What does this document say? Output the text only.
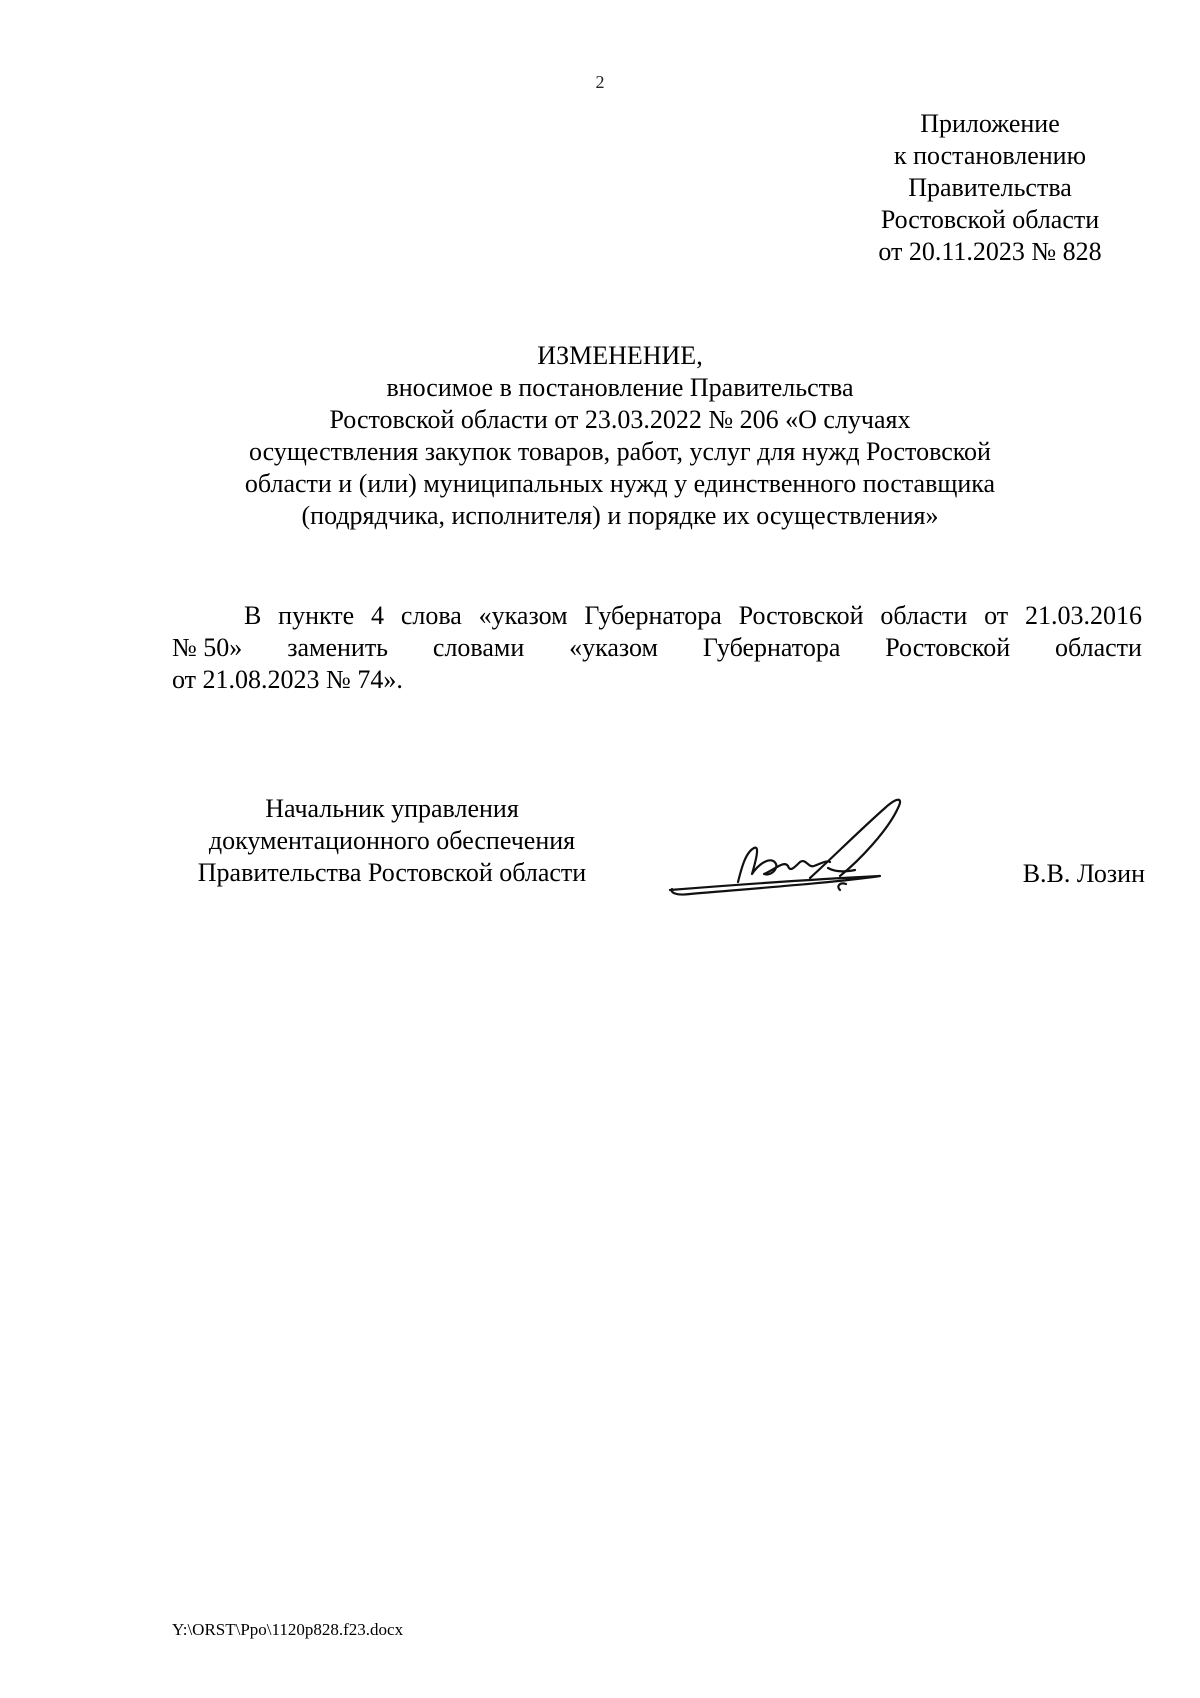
2
Приложение
к постановлению
Правительства
Ростовской области
от 20.11.2023 № 828
ИЗМЕНЕНИЕ,
вносимое в постановление Правительства
Ростовской области от 23.03.2022 № 206 «О случаях
осуществления закупок товаров, работ, услуг для нужд Ростовской
области и (или) муниципальных нужд у единственного поставщика
(подрядчика, исполнителя) и порядке их осуществления»
В пункте 4 слова «указом Губернатора Ростовской области от 21.03.2016
№ 50» заменить словами «указом Губернатора Ростовской области
от 21.08.2023 № 74».
Начальник управления
документационного обеспечения
Правительства Ростовской области	В.В. Лозин
Y:\ORST\Ppo\1120p828.f23.docx
